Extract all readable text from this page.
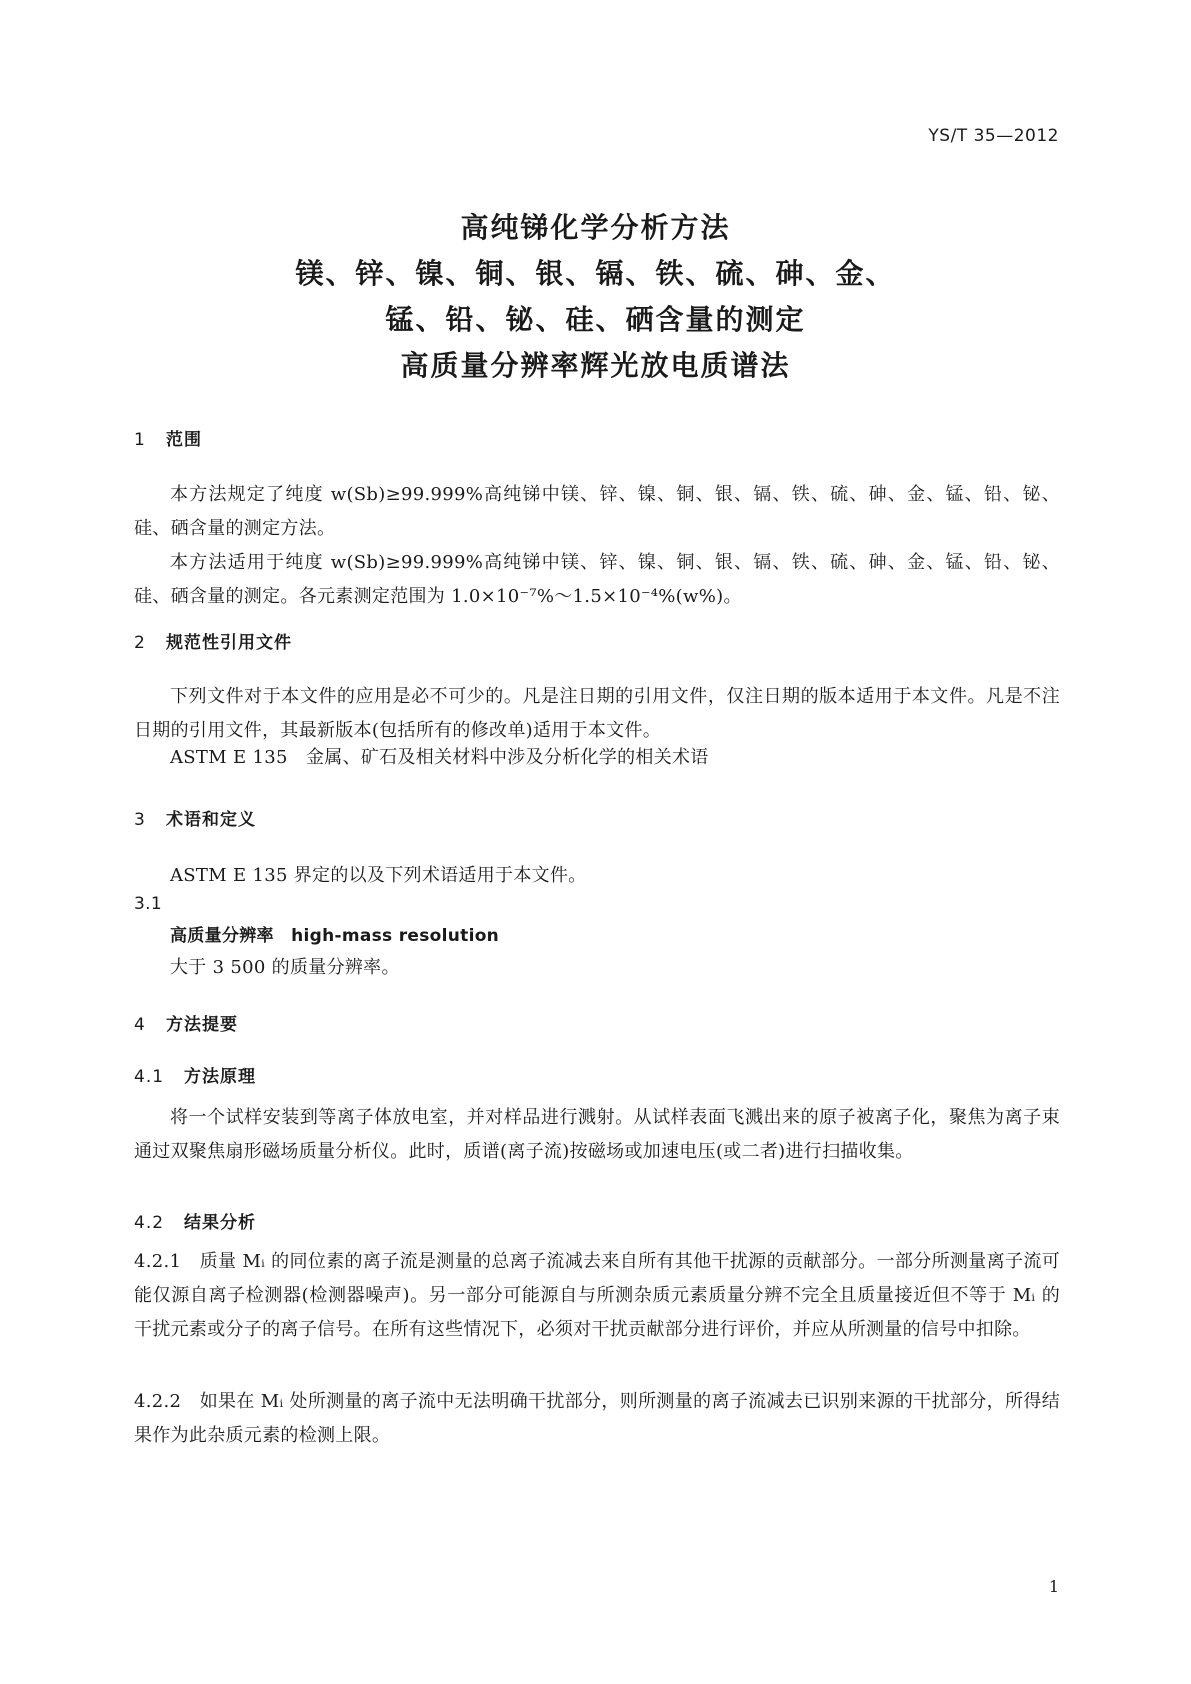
YS/T 35—2012
高纯锑化学分析方法
镁、锌、镍、铜、银、镉、铁、硫、砷、金、
锰、铅、铋、硅、硒含量的测定
高质量分辨率辉光放电质谱法
1 范围
本方法规定了纯度 w(Sb)≥99.999%高纯锑中镁、锌、镍、铜、银、镉、铁、硫、砷、金、锰、铅、铋、硅、硒含量的测定方法。
本方法适用于纯度 w(Sb)≥99.999%高纯锑中镁、锌、镍、铜、银、镉、铁、硫、砷、金、锰、铅、铋、硅、硒含量的测定。各元素测定范围为 1.0×10⁻⁷%～1.5×10⁻⁴%(w%)。
2 规范性引用文件
下列文件对于本文件的应用是必不可少的。凡是注日期的引用文件，仅注日期的版本适用于本文件。凡是不注日期的引用文件，其最新版本(包括所有的修改单)适用于本文件。
ASTM E 135　金属、矿石及相关材料中涉及分析化学的相关术语
3 术语和定义
ASTM E 135 界定的以及下列术语适用于本文件。
3.1
高质量分辨率　high-mass resolution
大于 3 500 的质量分辨率。
4 方法提要
4.1 方法原理
将一个试样安装到等离子体放电室，并对样品进行溅射。从试样表面飞溅出来的原子被离子化，聚焦为离子束通过双聚焦扇形磁场质量分析仪。此时，质谱(离子流)按磁场或加速电压(或二者)进行扫描收集。
4.2 结果分析
4.2.1　质量 Mᵢ 的同位素的离子流是测量的总离子流减去来自所有其他干扰源的贡献部分。一部分所测量离子流可能仅源自离子检测器(检测器噪声)。另一部分可能源自与所测杂质元素质量分辨不完全且质量接近但不等于 Mᵢ 的干扰元素或分子的离子信号。在所有这些情况下，必须对干扰贡献部分进行评价，并应从所测量的信号中扣除。
4.2.2　如果在 Mᵢ 处所测量的离子流中无法明确干扰部分，则所测量的离子流减去已识别来源的干扰部分，所得结果作为此杂质元素的检测上限。
1
